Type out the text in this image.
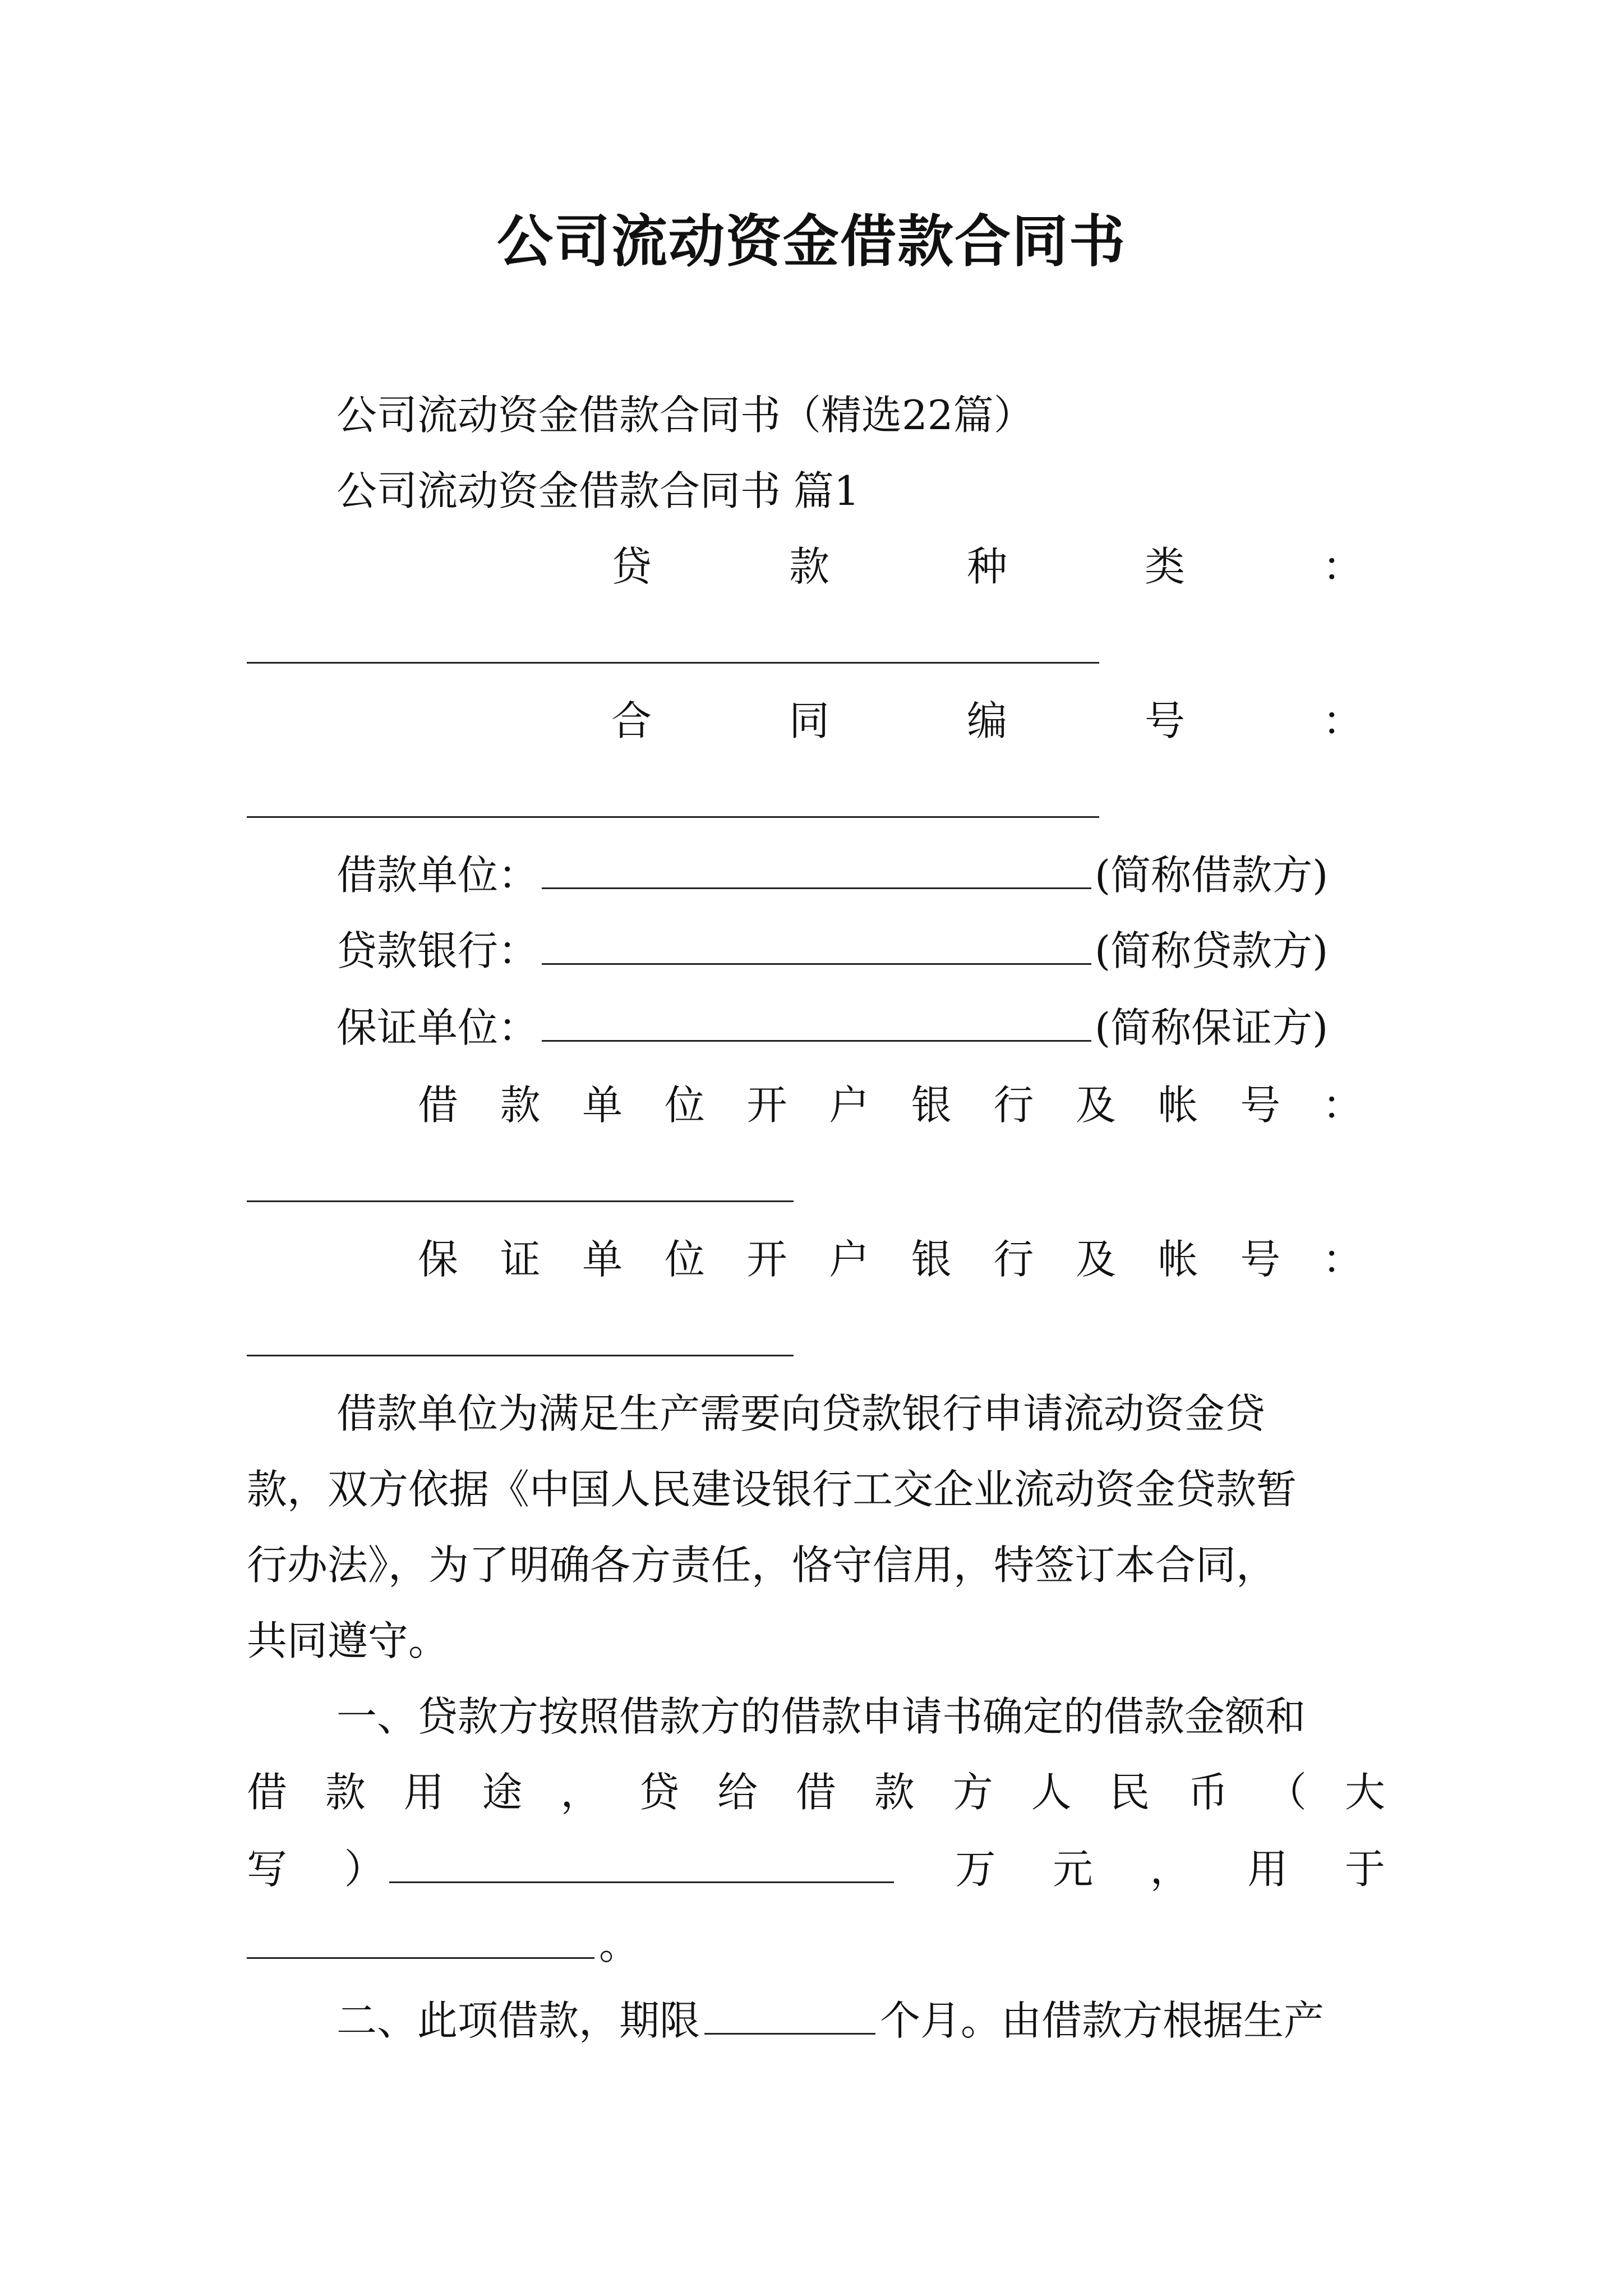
公司流动资金借款合同书
公司流动资金借款合同书（精选22篇）
公司流动资金借款合同书 篇1
贷	款	种	类	：
合	同	编	号	：
借款单位：	(简称借款方)
贷款银行：	(简称贷款方)
保证单位：	(简称保证方)
借 款 单 位 开 户 银 行 及 帐 号 ：
保 证 单 位 开 户 银 行 及 帐 号 ：
借款单位为满足生产需要向贷款银行申请流动资金贷
款，双方依据《中国人民建设银行工交企业流动资金贷款暂
行办法》，为了明确各方责任，恪守信用，特签订本合同，
共同遵守。
一、贷款方按照借款方的借款申请书确定的借款金额和
借 款 用 途 ， 贷 给 借 款 方 人 民 币 （ 大
写 ）	万 元 ， 用 于
。
二、此项借款，期限	个月。由借款方根据生产
